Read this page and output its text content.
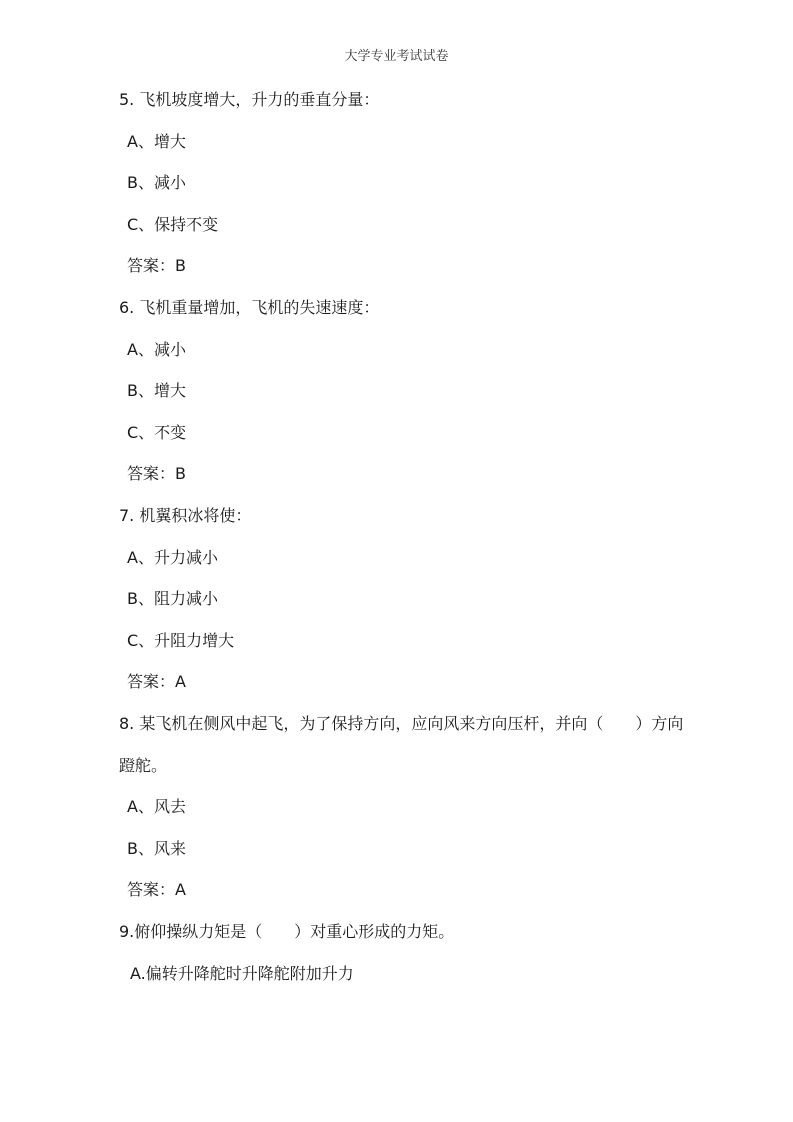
大学专业考试试卷
5. 飞机坡度增大，升力的垂直分量：
A、增大
B、减小
C、保持不变
答案：B
6. 飞机重量增加，飞机的失速速度：
A、减小
B、增大
C、不变
答案：B
7. 机翼积冰将使：
A、升力减小
B、阻力减小
C、升阻力增大
答案：A
8. 某飞机在侧风中起飞，为了保持方向，应向风来方向压杆，并向（　　）方向
蹬舵。
A、风去
B、风来
答案：A
9.俯仰操纵力矩是（　　）对重心形成的力矩。
A.偏转升降舵时升降舵附加升力
